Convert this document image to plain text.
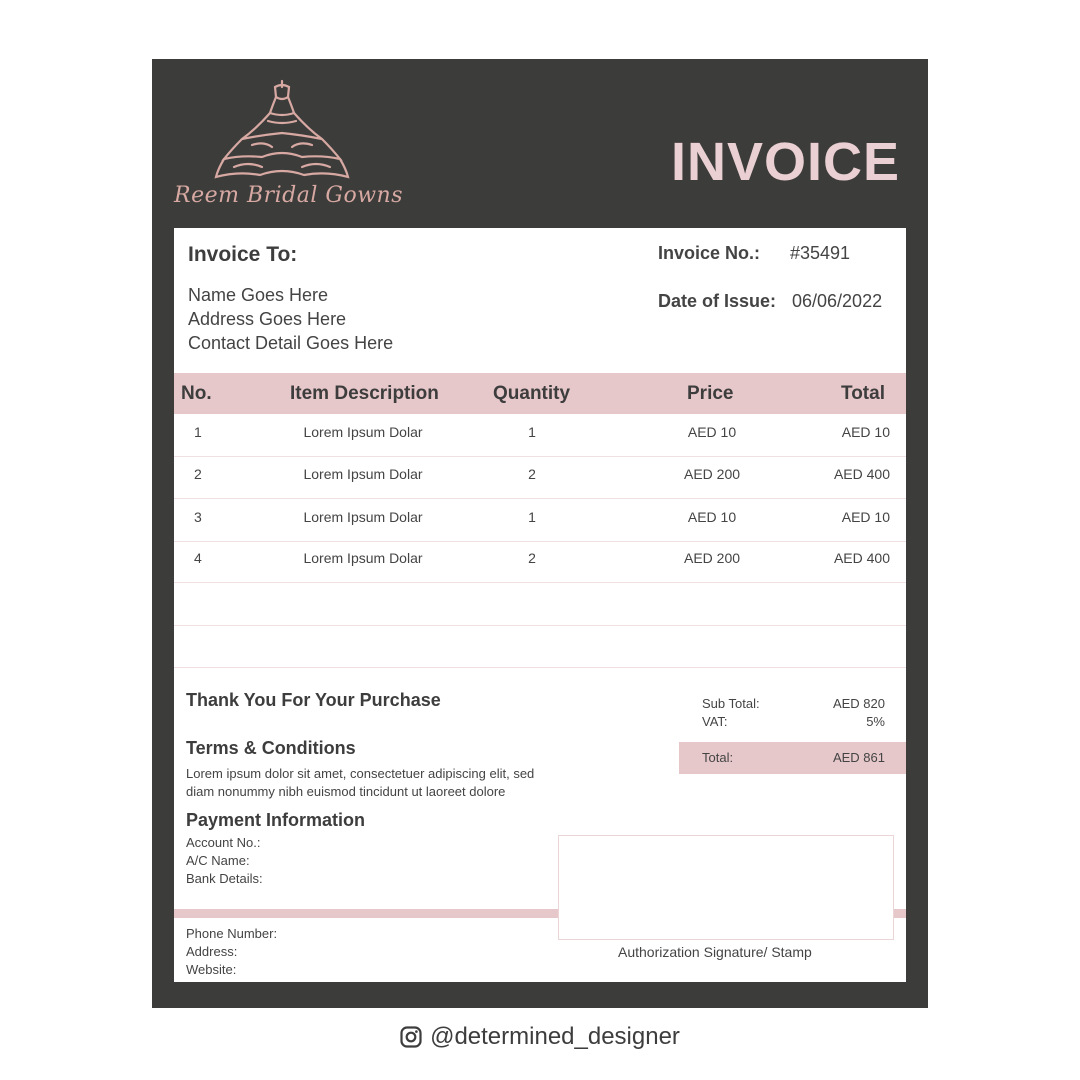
Reem Bridal Gowns
INVOICE
Invoice To:
Name Goes Here
Address Goes Here
Contact Detail Goes Here
Invoice No.: #35491
Date of Issue: 06/06/2022
No.	Item Description	Quantity	Price	Total
1	Lorem Ipsum Dolar	1	AED 10	AED 10
2	Lorem Ipsum Dolar	2	AED 200	AED 400
3	Lorem Ipsum Dolar	1	AED 10	AED 10
4	Lorem Ipsum Dolar	2	AED 200	AED 400
Thank You For Your Purchase
Terms & Conditions
Lorem ipsum dolor sit amet, consectetuer adipiscing elit, sed
diam nonummy nibh euismod tincidunt ut laoreet dolore
Payment Information
Account No.:
A/C Name:
Bank Details:
Sub Total:	AED 820
VAT:	5%
Total:	AED 861
Authorization Signature/ Stamp
Phone Number:
Address:
Website:
@determined_designer
